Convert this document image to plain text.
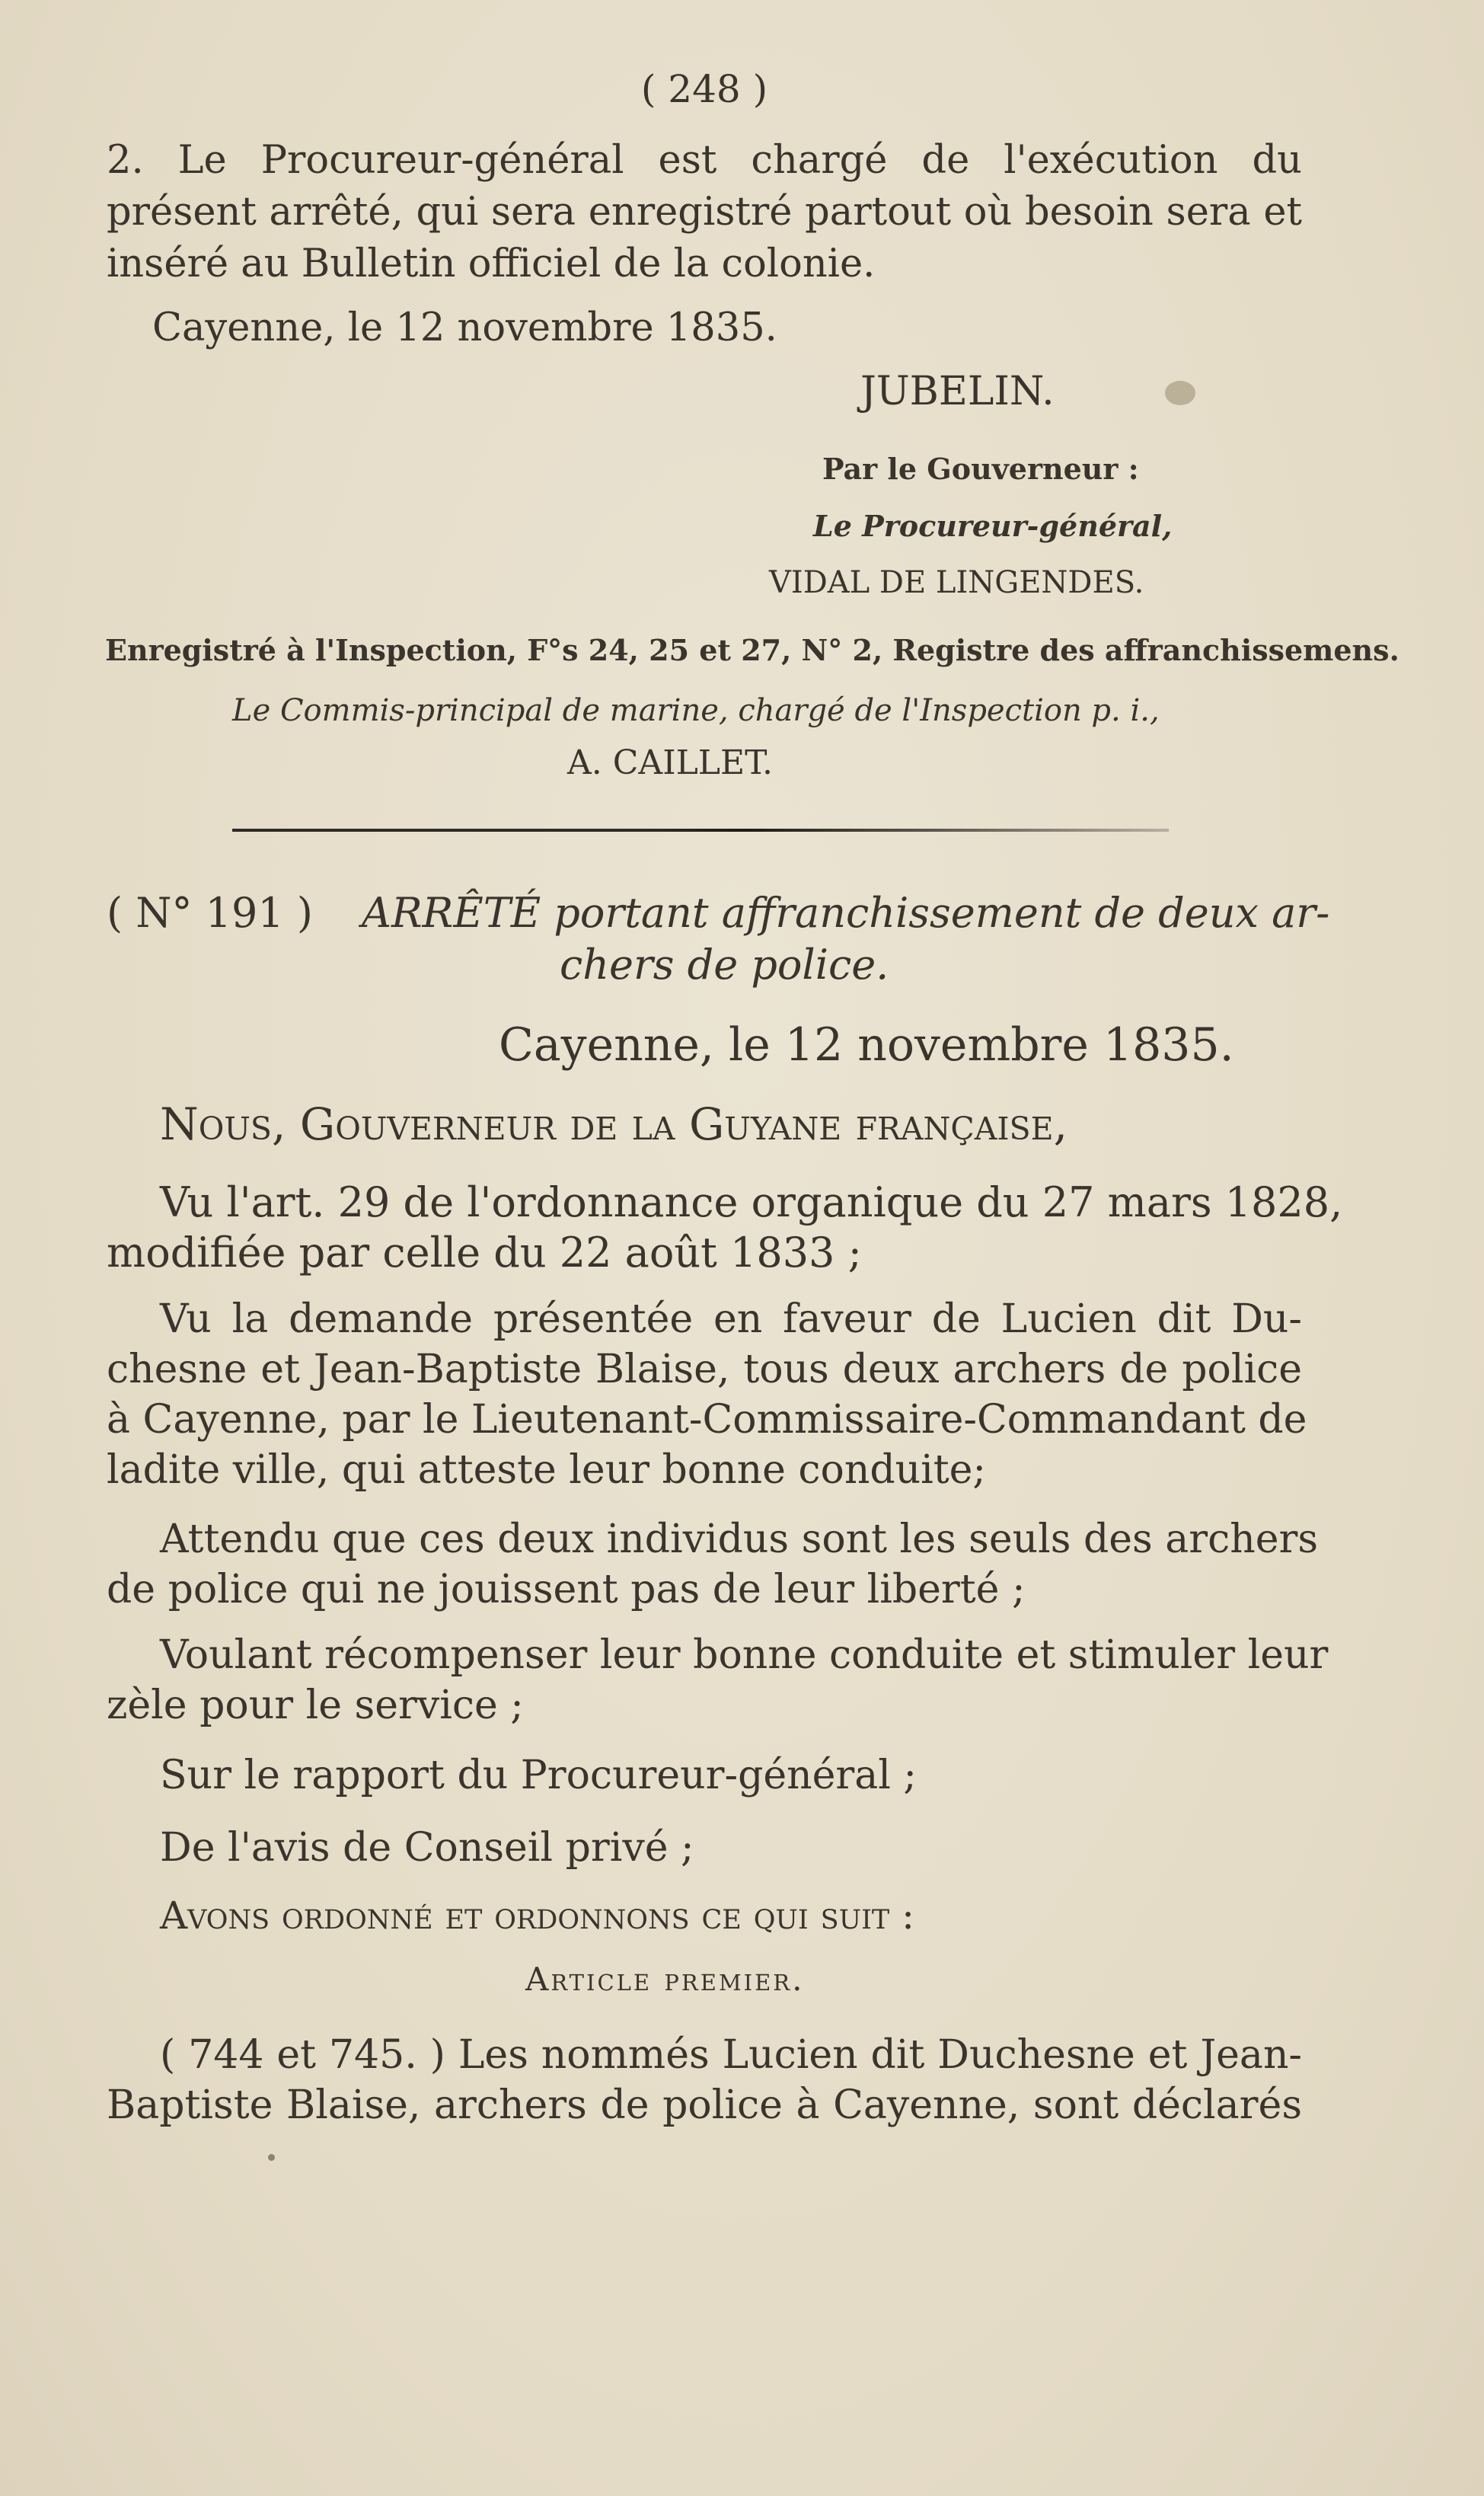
( 248 )
2. Le Procureur-général est chargé de l'exécution du
présent arrêté, qui sera enregistré partout où besoin sera et
inséré au Bulletin officiel de la colonie.
Cayenne, le 12 novembre 1835.
JUBELIN.
Par le Gouverneur :
Le Procureur-général,
VIDAL DE LINGENDES.
Enregistré à l'Inspection, F°s 24, 25 et 27, N° 2, Registre des affranchissemens.
Le Commis-principal de marine, chargé de l'Inspection p. i.,
A. CAILLET.
( N° 191 ) ARRÊTÉ portant affranchissement de deux ar-
chers de police.
Cayenne, le 12 novembre 1835.
Nous, Gouverneur de la Guyane française,
Vu l'art. 29 de l'ordonnance organique du 27 mars 1828,
modifiée par celle du 22 août 1833 ;
Vu la demande présentée en faveur de Lucien dit Du-
chesne et Jean-Baptiste Blaise, tous deux archers de police
à Cayenne, par le Lieutenant-Commissaire-Commandant de
ladite ville, qui atteste leur bonne conduite;
Attendu que ces deux individus sont les seuls des archers
de police qui ne jouissent pas de leur liberté ;
Voulant récompenser leur bonne conduite et stimuler leur
zèle pour le service ;
Sur le rapport du Procureur-général ;
De l'avis de Conseil privé ;
Avons ordonné et ordonnons ce qui suit :
Article premier.
( 744 et 745. ) Les nommés Lucien dit Duchesne et Jean-
Baptiste Blaise, archers de police à Cayenne, sont déclarés
